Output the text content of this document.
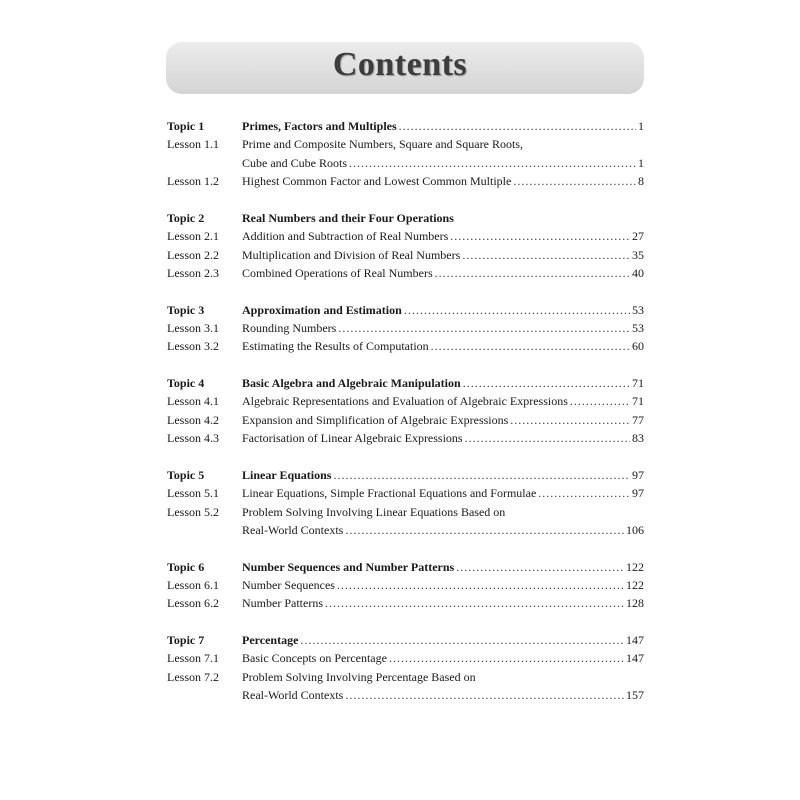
Contents
Topic 1	Primes, Factors and Multiples .....	1
Lesson 1.1	Prime and Composite Numbers, Square and Square Roots,
Cube and Cube Roots .....	1
Lesson 1.2	Highest Common Factor and Lowest Common Multiple .....	8
Topic 2	Real Numbers and their Four Operations
Lesson 2.1	Addition and Subtraction of Real Numbers .....	27
Lesson 2.2	Multiplication and Division of Real Numbers .....	35
Lesson 2.3	Combined Operations of Real Numbers .....	40
Topic 3	Approximation and Estimation .....	53
Lesson 3.1	Rounding Numbers .....	53
Lesson 3.2	Estimating the Results of Computation .....	60
Topic 4	Basic Algebra and Algebraic Manipulation .....	71
Lesson 4.1	Algebraic Representations and Evaluation of Algebraic Expressions .....	71
Lesson 4.2	Expansion and Simplification of Algebraic Expressions .....	77
Lesson 4.3	Factorisation of Linear Algebraic Expressions .....	83
Topic 5	Linear Equations .....	97
Lesson 5.1	Linear Equations, Simple Fractional Equations and Formulae .....	97
Lesson 5.2	Problem Solving Involving Linear Equations Based on
Real-World Contexts .....	106
Topic 6	Number Sequences and Number Patterns .....	122
Lesson 6.1	Number Sequences .....	122
Lesson 6.2	Number Patterns .....	128
Topic 7	Percentage .....	147
Lesson 7.1	Basic Concepts on Percentage .....	147
Lesson 7.2	Problem Solving Involving Percentage Based on
Real-World Contexts .....	157
